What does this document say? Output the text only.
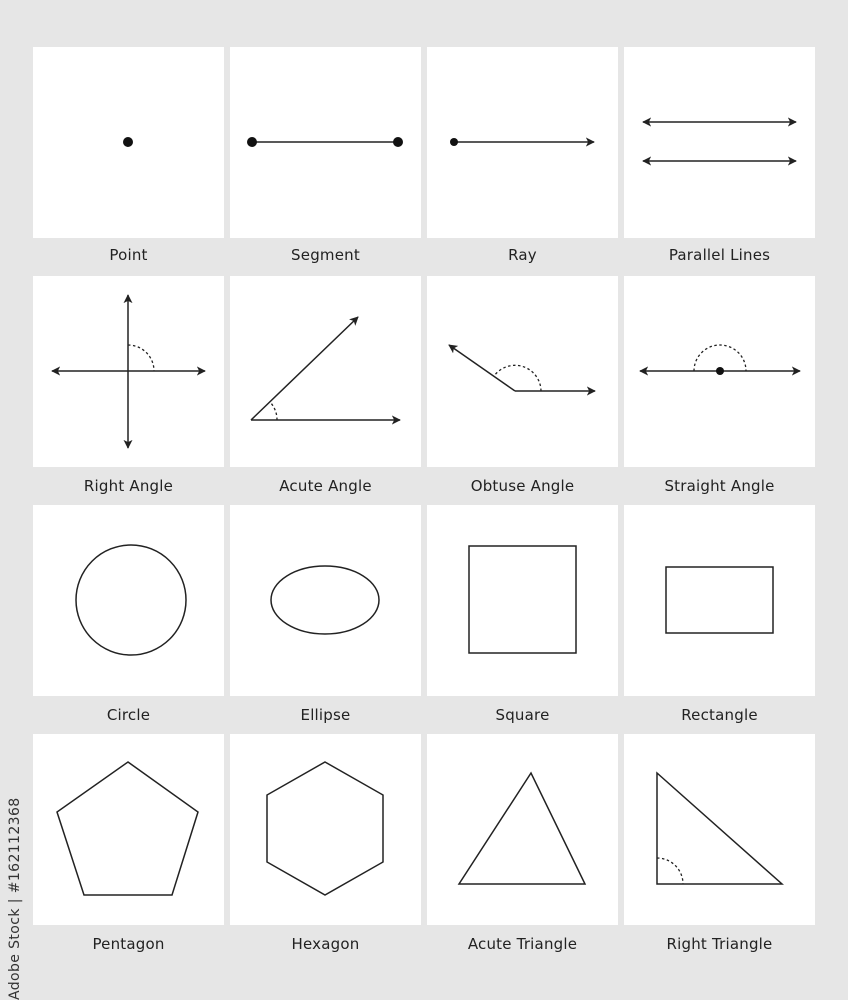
Point	Segment	Ray	Parallel Lines
Right Angle	Acute Angle	Obtuse Angle	Straight Angle
Circle	Ellipse	Square	Rectangle
Pentagon	Hexagon	Acute Triangle	Right Triangle
Adobe Stock | #162112368
